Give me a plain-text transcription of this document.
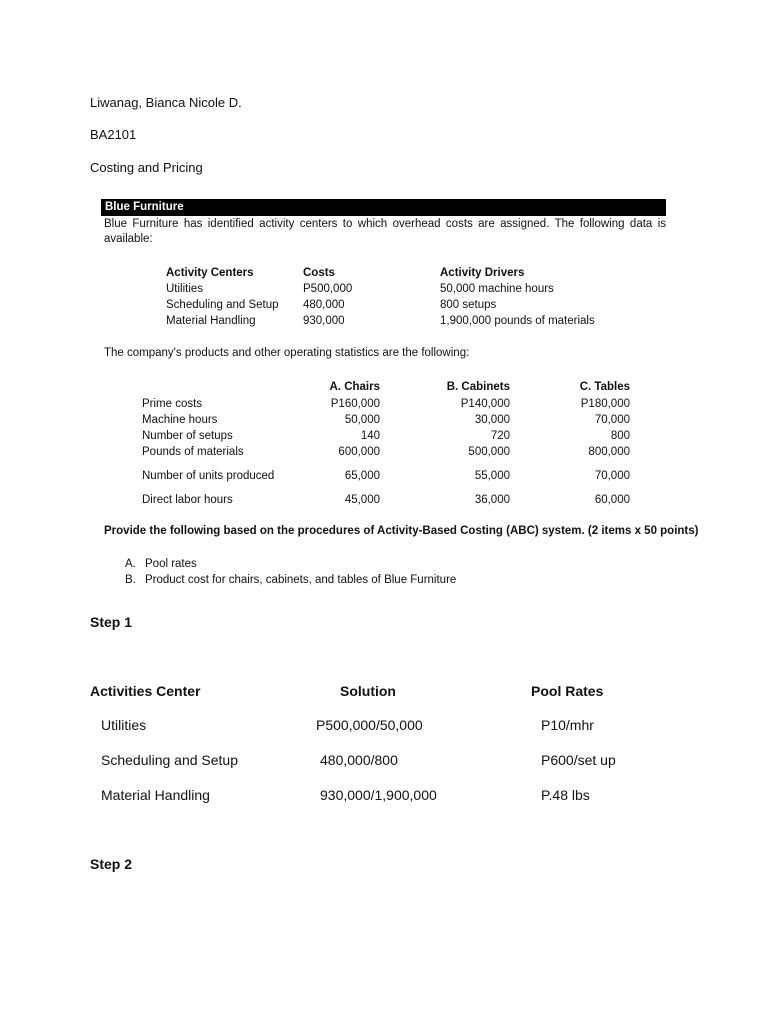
Liwanag, Bianca Nicole D.
BA2101
Costing and Pricing
Blue Furniture
Blue Furniture has identified activity centers to which overhead costs are assigned. The following data is available:
Activity Centers	Costs	Activity Drivers
Utilities	P500,000	50,000 machine hours
Scheduling and Setup	480,000	800 setups
Material Handling	930,000	1,900,000 pounds of materials
The company's products and other operating statistics are the following:
	A. Chairs	B. Cabinets	C. Tables
Prime costs	P160,000	P140,000	P180,000
Machine hours	50,000	30,000	70,000
Number of setups	140	720	800
Pounds of materials	600,000	500,000	800,000
Number of units produced	65,000	55,000	70,000
Direct labor hours	45,000	36,000	60,000
Provide the following based on the procedures of Activity-Based Costing (ABC) system. (2 items x 50 points)
A. Pool rates
B. Product cost for chairs, cabinets, and tables of Blue Furniture
Step 1
Activities Center	Solution	Pool Rates
Utilities	P500,000/50,000	P10/mhr
Scheduling and Setup	480,000/800	P600/set up
Material Handling	930,000/1,900,000	P.48 lbs
Step 2
